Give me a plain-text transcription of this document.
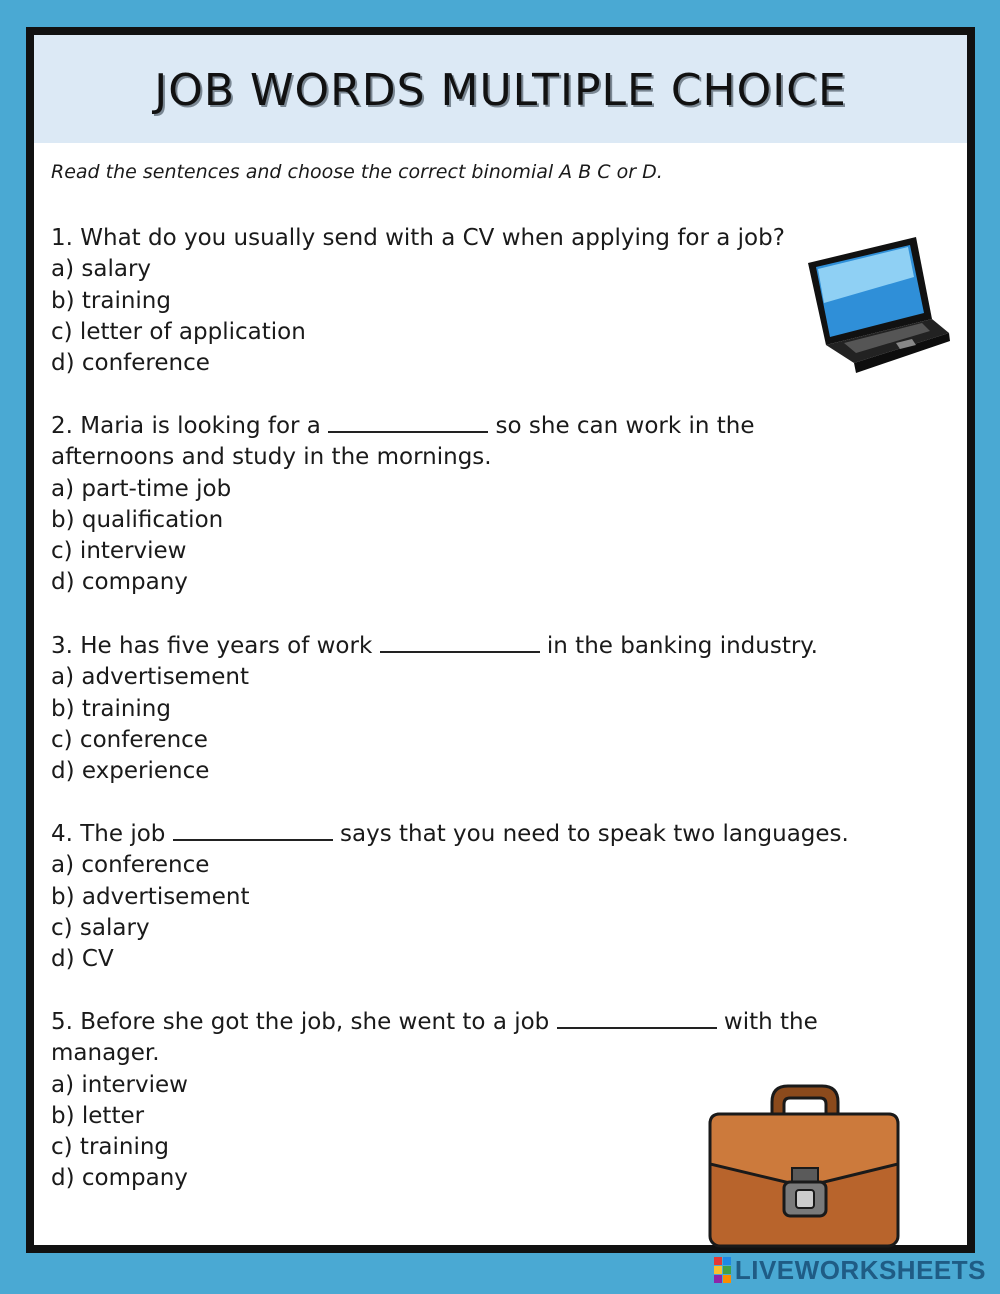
JOB WORDS MULTIPLE CHOICE

Read the sentences and choose the correct binomial A B C or D.

1. What do you usually send with a CV when applying for a job?

a) salary

b) training

c) letter of application

d) conference

2. Maria is looking for a	so she can work in the

afternoons and study in the mornings.

a) part-time job

b) qualification

c) interview

d) company

3. He has five years of work	in the banking industry.

a) advertisement

b) training

c) conference

d) experience

4. The job	says that you need to speak two languages.

a) conference

b) advertisement

c) salary

d) CV

5. Before she got the job, she went to a job	with the

manager.

a) interview

b) letter

c) training

d) company

LIVEWORKSHEETS
